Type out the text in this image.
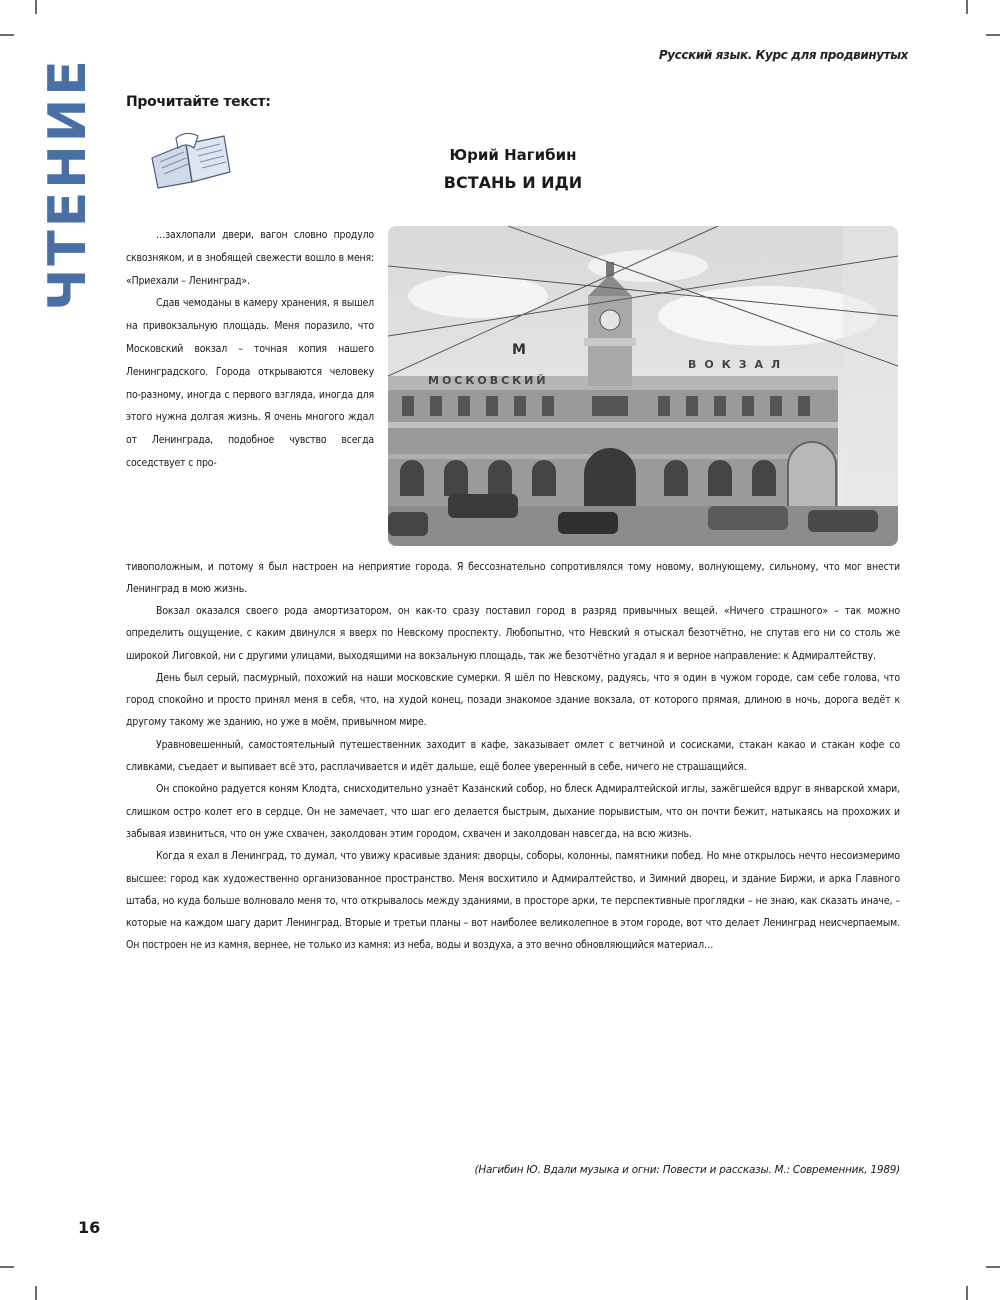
ЧТЕНИЕ
Русский язык. Курс для продвинутых
Прочитайте текст:
Юрий Нагибин
ВСТАНЬ И ИДИ
М
МОСКОВСКИЙ
ВОКЗАЛ

…захлопали двери, вагон словно продуло сквозняком, и в знобящей свежести вошло в меня: «Приехали – Ленинград».

Сдав чемоданы в камеру хранения, я вышел на привокзальную площадь. Меня поразило, что Московский вокзал – точная копия нашего Ленинградского. Города открываются человеку по-разному, иногда с первого взгляда, иногда для этого нужна долгая жизнь. Я очень многого ждал от Ленинграда, подобное чувство всегда соседствует с про-

тивоположным, и потому я был настроен на неприятие города. Я бессознательно сопротивлялся тому новому, волнующему, сильному, что мог внести Ленинград в мою жизнь.

Вокзал оказался своего рода амортизатором, он как-то сразу поставил город в разряд привычных вещей. «Ничего страшного» – так можно определить ощущение, с каким двинулся я вверх по Невскому проспекту. Любопытно, что Невский я отыскал безотчётно, не спутав его ни со столь же широкой Лиговкой, ни с другими улицами, выходящими на вокзальную площадь, так же безотчётно угадал я и верное направление: к Адмиралтейству.

День был серый, пасмурный, похожий на наши московские сумерки. Я шёл по Невскому, радуясь, что я один в чужом городе, сам себе голова, что город спокойно и просто принял меня в себя, что, на худой конец, позади знакомое здание вокзала, от которого прямая, длиною в ночь, дорога ведёт к другому такому же зданию, но уже в моём, привычном мире.

Уравновешенный, самостоятельный путешественник заходит в кафе, заказывает омлет с ветчиной и сосисками, стакан какао и стакан кофе со сливками, съедает и выпивает всё это, расплачивается и идёт дальше, ещё более уверенный в себе, ничего не страшащийся.

Он спокойно радуется коням Клодта, снисходительно узнаёт Казанский собор, но блеск Адмиралтейской иглы, зажёгшейся вдруг в январской хмари, слишком остро колет его в сердце. Он не замечает, что шаг его делается быстрым, дыхание порывистым, что он почти бежит, натыкаясь на прохожих и забывая извиниться, что он уже схвачен, заколдован этим городом, схвачен и заколдован навсегда, на всю жизнь.

Когда я ехал в Ленинград, то думал, что увижу красивые здания: дворцы, соборы, колонны, памятники побед. Но мне открылось нечто несоизмеримо высшее: город как художественно организованное пространство. Меня восхитило и Адмиралтейство, и Зимний дворец, и здание Биржи, и арка Главного штаба, но куда больше волновало меня то, что открывалось между зданиями, в просторе арки, те перспективные проглядки – не знаю, как сказать иначе, – которые на каждом шагу дарит Ленинград. Вторые и третьи планы – вот наиболее великолепное в этом городе, вот что делает Ленинград неисчерпаемым. Он построен не из камня, вернее, не только из камня: из неба, воды и воздуха, а это вечно обновляющийся материал…

(Нагибин Ю. Вдали музыка и огни: Повести и рассказы. М.: Современник, 1989)
16
